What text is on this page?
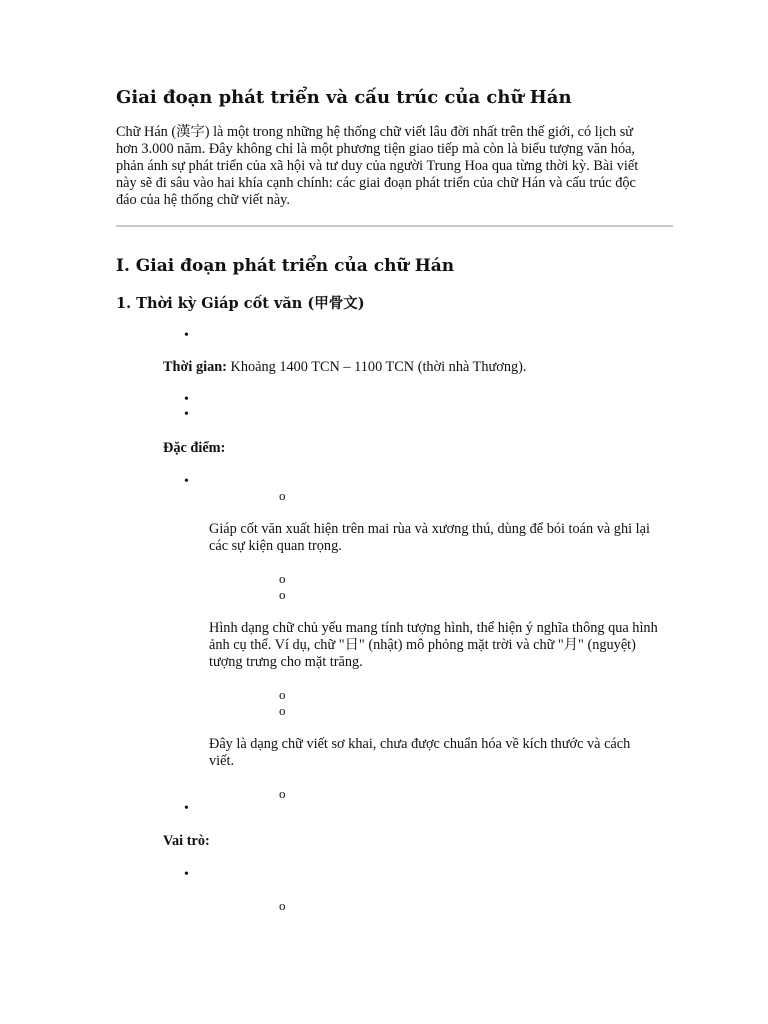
Giai đoạn phát triển và cấu trúc của chữ Hán

Chữ Hán (漢字) là một trong những hệ thống chữ viết lâu đời nhất trên thế giới, có lịch sử hơn 3.000 năm. Đây không chỉ là một phương tiện giao tiếp mà còn là biểu tượng văn hóa, phản ánh sự phát triển của xã hội và tư duy của người Trung Hoa qua từng thời kỳ. Bài viết này sẽ đi sâu vào hai khía cạnh chính: các giai đoạn phát triển của chữ Hán và cấu trúc độc đáo của hệ thống chữ viết này.

I. Giai đoạn phát triển của chữ Hán
1. Thời kỳ Giáp cốt văn (甲骨文)
•

Thời gian: Khoảng 1400 TCN – 1100 TCN (thời nhà Thương).

•
•

Đặc điểm:

•
o

Giáp cốt văn xuất hiện trên mai rùa và xương thú, dùng để bói toán và ghi lại các sự kiện quan trọng.

o
o

Hình dạng chữ chủ yếu mang tính tượng hình, thể hiện ý nghĩa thông qua hình ảnh cụ thể. Ví dụ, chữ "日" (nhật) mô phỏng mặt trời và chữ "月" (nguyệt) tượng trưng cho mặt trăng.

o
o

Đây là dạng chữ viết sơ khai, chưa được chuẩn hóa về kích thước và cách viết.

o
•

Vai trò:

•
o
